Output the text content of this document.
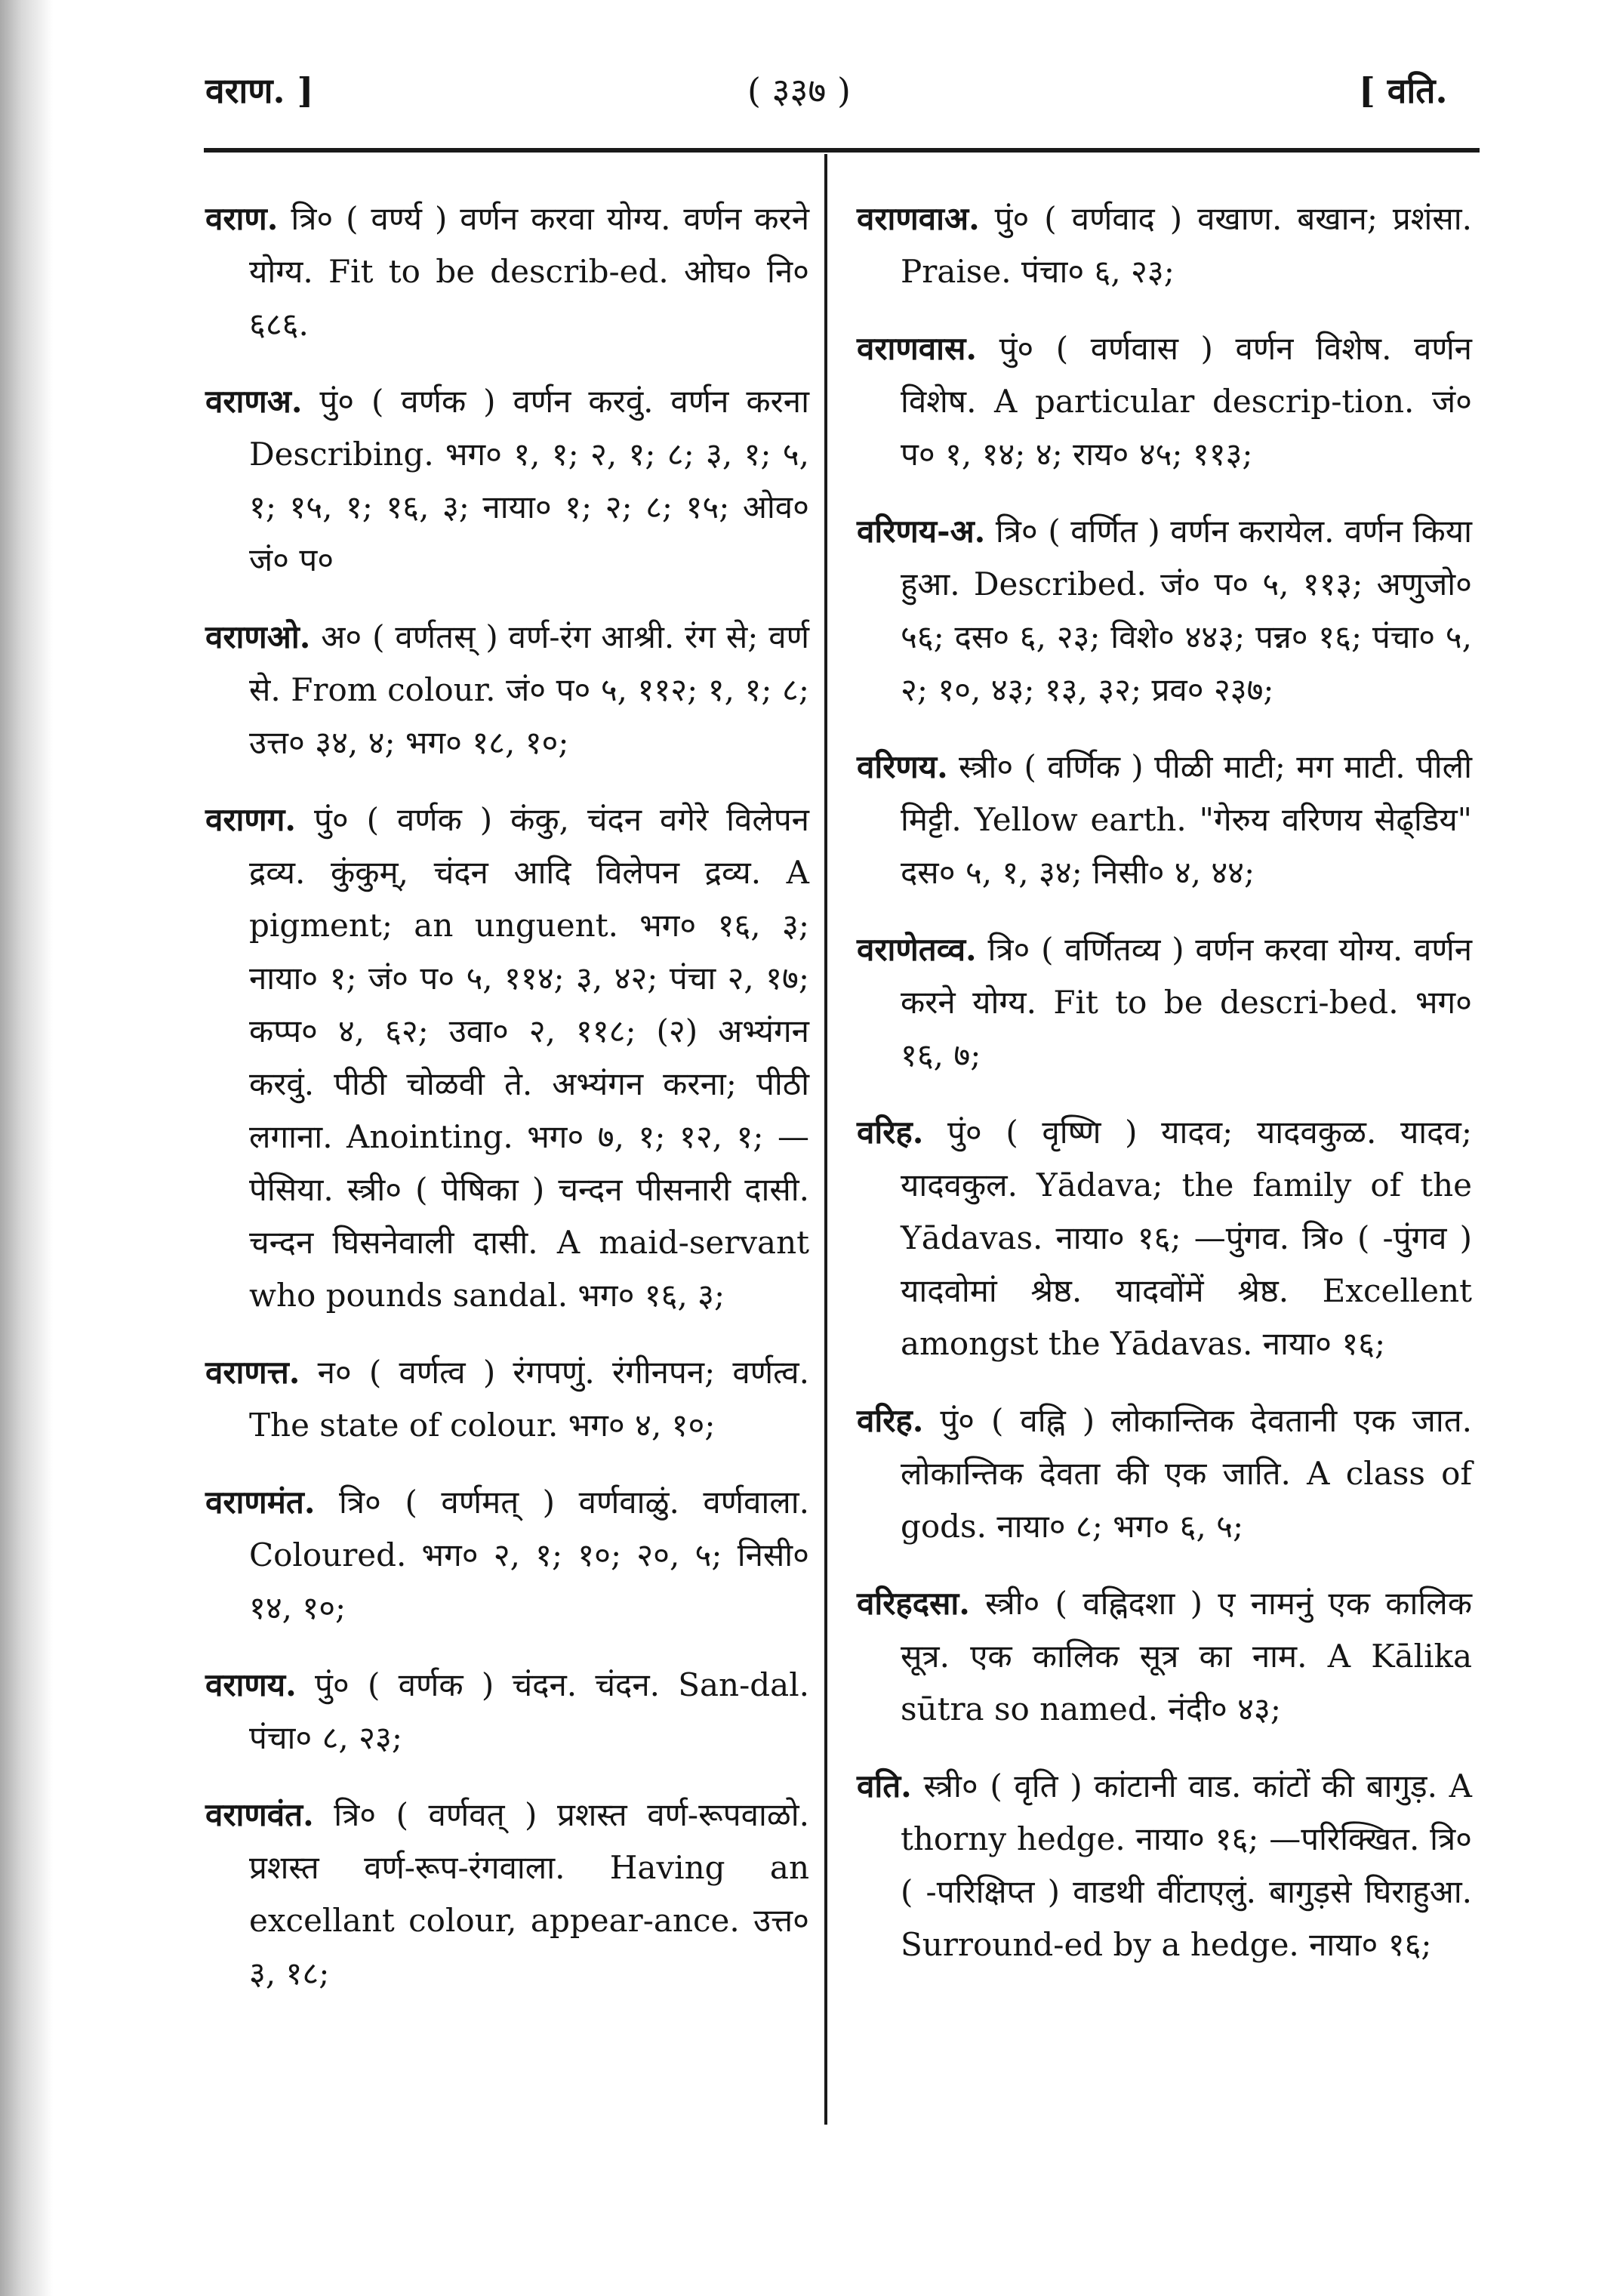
वराण. ]	( ३३७ )	[ वति.

वराण. त्रि० ( वर्ण्य ) वर्णन करवा योग्य. वर्णन करने योग्य. Fit to be describ-ed. ओघ० नि० ६८६.

वराणअ. पुं० ( वर्णक ) वर्णन करवुं. वर्णन करना Describing. भग० १, १; २, १; ८; ३, १; ५, १; १५, १; १६, ३; नाया० १; २; ८; १५; ओव० जं० प०

वराणओ. अ० ( वर्णतस् ) वर्ण-रंग आश्री. रंग से; वर्ण से. From colour. जं० प० ५, ११२; १, १; ८; उत्त० ३४, ४; भग० १८, १०;

वराणग. पुं० ( वर्णक ) कंकु, चंदन वगेरे विलेपन द्रव्य. कुंकुम्, चंदन आदि विलेपन द्रव्य. A pigment; an unguent. भग० १६, ३; नाया० १; जं० प० ५, ११४; ३, ४२; पंचा २, १७; कप्प० ४, ६२; उवा० २, ११८; (२) अभ्यंगन करवुं. पीठी चोळवी ते. अभ्यंगन करना; पीठी लगाना. Anointing. भग० ७, १; १२, १; —पेसिया. स्त्री० ( पेषिका ) चन्दन पीसनारी दासी. चन्दन घिसनेवाली दासी. A maid-servant who pounds sandal. भग० १६, ३;

वराणत्त. न० ( वर्णत्व ) रंगपणुं. रंगीनपन; वर्णत्व. The state of colour. भग० ४, १०;

वराणमंत. त्रि० ( वर्णमत् ) वर्णवाळुं. वर्णवाला. Coloured. भग० २, १; १०; २०, ५; निसी० १४, १०;

वराणय. पुं० ( वर्णक ) चंदन. चंदन. San-dal. पंचा० ८, २३;

वराणवंत. त्रि० ( वर्णवत् ) प्रशस्त वर्ण-रूपवाळो. प्रशस्त वर्ण-रूप-रंगवाला. Having an excellant colour, appear-ance. उत्त० ३, १८;

वराणवाअ. पुं० ( वर्णवाद ) वखाण. बखान; प्रशंसा. Praise. पंचा० ६, २३;

वराणवास. पुं० ( वर्णवास ) वर्णन विशेष. वर्णन विशेष. A particular descrip-tion. जं० प० १, १४; ४; राय० ४५; ११३;

वरिणय-अ. त्रि० ( वर्णित ) वर्णन करायेल. वर्णन किया हुआ. Described. जं० प० ५, ११३; अणुजो० ५६; दस० ६, २३; विशे० ४४३; पन्न० १६; पंचा० ५, २; १०, ४३; १३, ३२; प्रव० २३७;

वरिणय. स्त्री० ( वर्णिक ) पीळी माटी; मग माटी. पीली मिट्टी. Yellow earth. "गेरुय वरिणय सेढ्डिय" दस० ५, १, ३४; निसी० ४, ४४;

वराणेतव्व. त्रि० ( वर्णितव्य ) वर्णन करवा योग्य. वर्णन करने योग्य. Fit to be descri-bed. भग० १६, ७;

वरिह. पुं० ( वृष्णि ) यादव; यादवकुळ. यादव; यादवकुल. Yādava; the family of the Yādavas. नाया० १६; —पुंगव. त्रि० ( -पुंगव ) यादवोमां श्रेष्ठ. यादवोंमें श्रेष्ठ. Excellent amongst the Yādavas. नाया० १६;

वरिह. पुं० ( वह्नि ) लोकान्तिक देवतानी एक जात. लोकान्तिक देवता की एक जाति. A class of gods. नाया० ८; भग० ६, ५;

वरिहदसा. स्त्री० ( वह्निदशा ) ए नामनुं एक कालिक सूत्र. एक कालिक सूत्र का नाम. A Kālika sūtra so named. नंदी० ४३;

वति. स्त्री० ( वृति ) कांटानी वाड. कांटों की बागुड़. A thorny hedge. नाया० १६; —परिक्खित. त्रि० ( -परिक्षिप्त ) वाडथी वींटाएलुं. बागुड़से घिराहुआ. Surround-ed by a hedge. नाया० १६;
